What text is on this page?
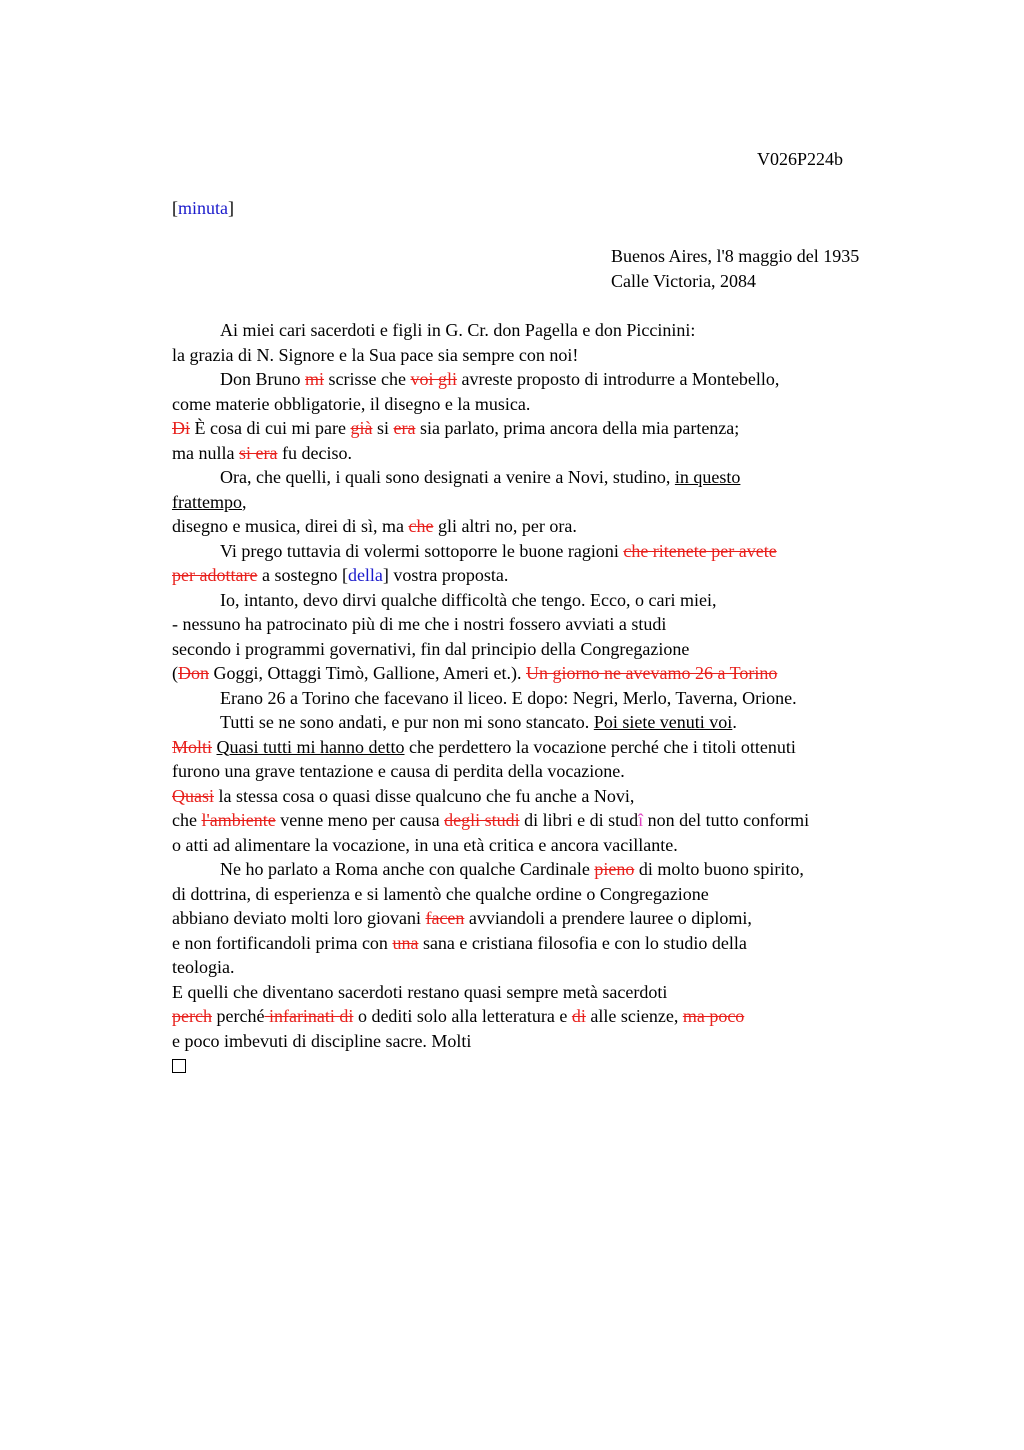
V026P224b
[minuta]
Buenos Aires, l'8 maggio del 1935
Calle Victoria, 2084
Ai miei cari sacerdoti e figli in G. Cr. don Pagella e don Piccinini:
la grazia di N. Signore e la Sua pace sia sempre con noi!
Don Bruno mi scrisse che voi gli avreste proposto di introdurre a Montebello,
come materie obbligatorie, il disegno e la musica.
Di È cosa di cui mi pare già si era sia parlato, prima ancora della mia partenza;
ma nulla si era fu deciso.
Ora, che quelli, i quali sono designati a venire a Novi, studino, in questo
frattempo,
disegno e musica, direi di sì, ma che gli altri no, per ora.
Vi prego tuttavia di volermi sottoporre le buone ragioni che ritenete per avete
per adottare a sostegno [della] vostra proposta.
Io, intanto, devo dirvi qualche difficoltà che tengo. Ecco, o cari miei,
- nessuno ha patrocinato più di me che i nostri fossero avviati a studi
secondo i programmi governativi, fin dal principio della Congregazione
(Don Goggi, Ottaggi Timò, Gallione, Ameri et.). Un giorno ne avevamo 26 a Torino
Erano 26 a Torino che facevano il liceo. E dopo: Negri, Merlo, Taverna, Orione.
Tutti se ne sono andati, e pur non mi sono stancato. Poi siete venuti voi.
Molti Quasi tutti mi hanno detto che perdettero la vocazione perché che i titoli ottenuti
furono una grave tentazione e causa di perdita della vocazione.
Quasi la stessa cosa o quasi disse qualcuno che fu anche a Novi,
che l'ambiente venne meno per causa degli studi di libri e di studî non del tutto conformi
o atti ad alimentare la vocazione, in una età critica e ancora vacillante.
Ne ho parlato a Roma anche con qualche Cardinale pieno di molto buono spirito,
di dottrina, di esperienza e si lamentò che qualche ordine o Congregazione
abbiano deviato molti loro giovani facen avviandoli a prendere lauree o diplomi,
e non fortificandoli prima con una sana e cristiana filosofia e con lo studio della
teologia.
E quelli che diventano sacerdoti restano quasi sempre metà sacerdoti
perch perché infarinati di o dediti solo alla letteratura e di alle scienze, ma poco
e poco imbevuti di discipline sacre. Molti
